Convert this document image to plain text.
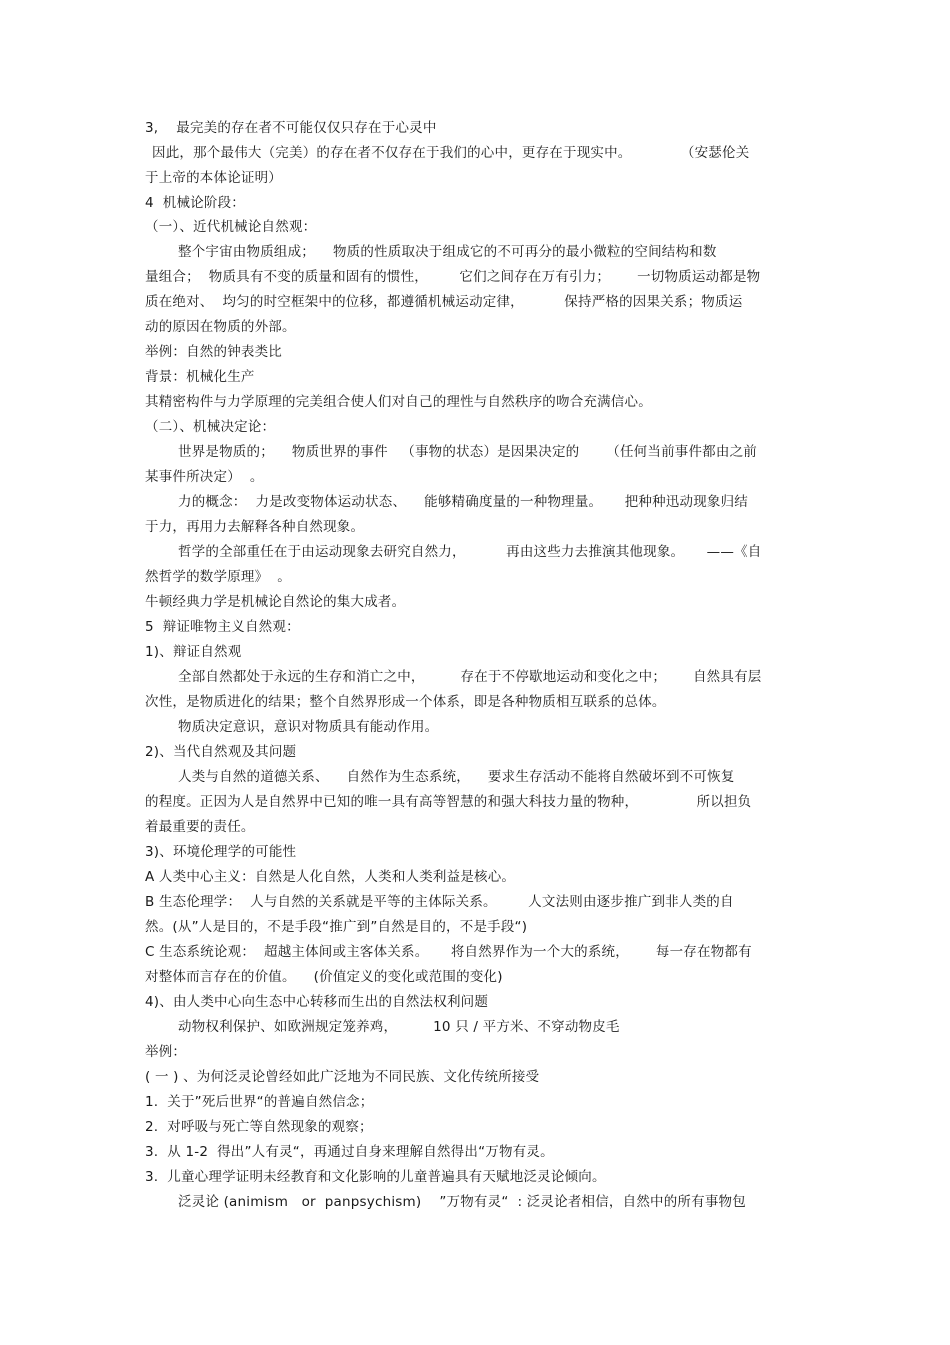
3,    最完美的存在者不可能仅仅只存在于心灵中
因此，那个最伟大（完美）的存在者不仅存在于我们的心中，更存在于现实中。           （安瑟伦关
于上帝的本体论证明）
4  机械论阶段：
（一）、近代机械论自然观：
整个宇宙由物质组成；    物质的性质取决于组成它的不可再分的最小微粒的空间结构和数
量组合；  物质具有不变的质量和固有的惯性，       它们之间存在万有引力；      一切物质运动都是物
质在绝对、  均匀的时空框架中的位移，都遵循机械运动定律，         保持严格的因果关系；物质运
动的原因在物质的外部。
举例：自然的钟表类比
背景：机械化生产
其精密构件与力学原理的完美组合使人们对自己的理性与自然秩序的吻合充满信心。
（二）、机械决定论：
世界是物质的；    物质世界的事件   （事物的状态）是因果决定的      （任何当前事件都由之前
某事件所决定）  。
力的概念：  力是改变物体运动状态、    能够精确度量的一种物理量。     把种种迅动现象归结
于力，再用力去解释各种自然现象。
哲学的全部重任在于由运动现象去研究自然力，         再由这些力去推演其他现象。     ——《自
然哲学的数学原理》  。
牛顿经典力学是机械论自然论的集大成者。
5  辩证唯物主义自然观：
1)、辩证自然观
全部自然都处于永远的生存和消亡之中，        存在于不停歇地运动和变化之中；      自然具有层
次性，是物质进化的结果；整个自然界形成一个体系，即是各种物质相互联系的总体。
物质决定意识，意识对物质具有能动作用。
2)、当代自然观及其问题
人类与自然的道德关系、    自然作为生态系统，    要求生存活动不能将自然破坏到不可恢复
的程度。正因为人是自然界中已知的唯一具有高等智慧的和强大科技力量的物种，             所以担负
着最重要的责任。
3)、环境伦理学的可能性
A 人类中心主义：自然是人化自然，人类和人类利益是核心。
B 生态伦理学：  人与自然的关系就是平等的主体际关系。       人文法则由逐步推广到非人类的自
然。(从”人是目的，不是手段“推广到”自然是目的，不是手段“)
C 生态系统论观：  超越主体间或主客体关系。     将自然界作为一个大的系统，      每一存在物都有
对整体而言存在的价值。    (价值定义的变化或范围的变化)
4)、由人类中心向生态中心转移而生出的自然法权利问题
动物权利保护、如欧洲规定笼养鸡，        10 只 / 平方米、不穿动物皮毛
举例：
( 一 ) 、为何泛灵论曾经如此广泛地为不同民族、文化传统所接受
1.  关于”死后世界“的普遍自然信念；
2.  对呼吸与死亡等自然现象的观察；
3.  从 1-2  得出”人有灵“，再通过自身来理解自然得出“万物有灵。
3.  儿童心理学证明未经教育和文化影响的儿童普遍具有天赋地泛灵论倾向。
泛灵论 (animism   or  panpsychism)    ”万物有灵“  : 泛灵论者相信，自然中的所有事物包
